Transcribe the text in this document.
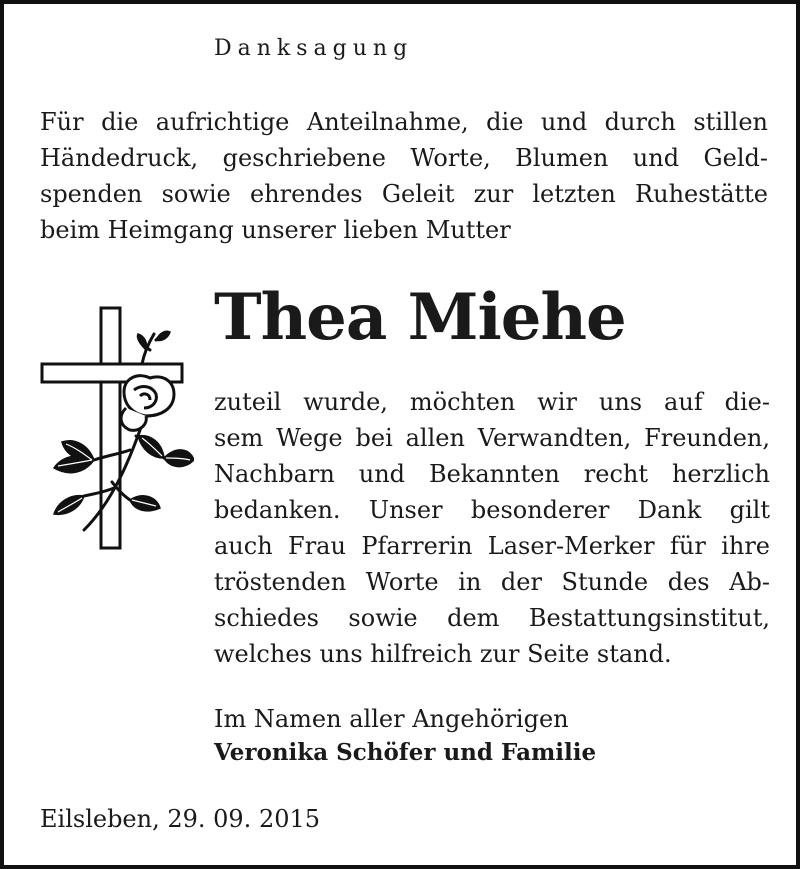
Danksagung
Für die aufrichtige Anteilnahme, die und durch stillen
Händedruck, geschriebene Worte, Blumen und Geld-
spenden sowie ehrendes Geleit zur letzten Ruhestätte
beim Heimgang unserer lieben Mutter
Thea Miehe
zuteil wurde, möchten wir uns auf die-
sem Wege bei allen Verwandten, Freunden,
Nachbarn und Bekannten recht herzlich
bedanken. Unser besonderer Dank gilt
auch Frau Pfarrerin Laser-Merker für ihre
tröstenden Worte in der Stunde des Ab-
schiedes sowie dem Bestattungsinstitut,
welches uns hilfreich zur Seite stand.
Im Namen aller Angehörigen
Veronika Schöfer und Familie
Eilsleben, 29. 09. 2015
